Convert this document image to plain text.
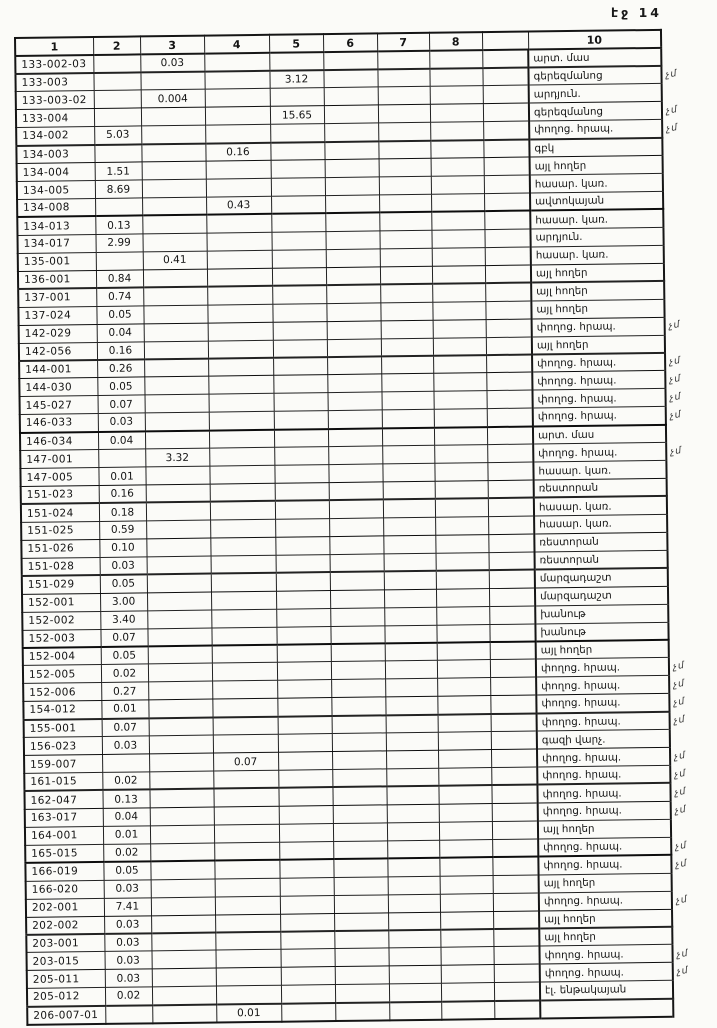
էջ 14
1	2	3	4	5	6	7	8		10
133-002-03		0.03							արտ. մաս
133-003				3.12					գերեզմանոց
133-003-02		0.004							արդյուն.
133-004				15.65					գերեզմանոց
134-002	5.03								փողոց. հրապ.
134-003			0.16						գբկ
134-004	1.51								այլ հողեր
134-005	8.69								հասար. կառ.
134-008			0.43						ավտոկայան
134-013	0.13								հասար. կառ.
134-017	2.99								արդյուն.
135-001		0.41							հասար. կառ.
136-001	0.84								այլ հողեր
137-001	0.74								այլ հողեր
137-024	0.05								այլ հողեր
142-029	0.04								փողոց. հրապ.
142-056	0.16								այլ հողեր
144-001	0.26								փողոց. հրապ.
144-030	0.05								փողոց. հրապ.
145-027	0.07								փողոց. հրապ.
146-033	0.03								փողոց. հրապ.
146-034	0.04								արտ. մաս
147-001		3.32							փողոց. հրապ.
147-005	0.01								հասար. կառ.
151-023	0.16								ռեստորան
151-024	0.18								հասար. կառ.
151-025	0.59								հասար. կառ.
151-026	0.10								ռեստորան
151-028	0.03								ռեստորան
151-029	0.05								մարզադաշտ
152-001	3.00								մարզադաշտ
152-002	3.40								խանութ
152-003	0.07								խանութ
152-004	0.05								այլ հողեր
152-005	0.02								փողոց. հրապ.
152-006	0.27								փողոց. հրապ.
154-012	0.01								փողոց. հրապ.
155-001	0.07								փողոց. հրապ.
156-023	0.03								գազի վարչ.
159-007			0.07						փողոց. հրապ.
161-015	0.02								փողոց. հրապ.
162-047	0.13								փողոց. հրապ.
163-017	0.04								փողոց. հրապ.
164-001	0.01								այլ հողեր
165-015	0.02								փողոց. հրապ.
166-019	0.05								փողոց. հրապ.
166-020	0.03								այլ հողեր
202-001	7.41								փողոց. հրապ.
202-002	0.03								այլ հողեր
203-001	0.03								այլ հողեր
203-015	0.03								փողոց. հրապ.
205-011	0.03								փողոց. հրապ.
205-012	0.02								էլ. ենթակայան
206-007-01			0.01						
չմ
չմ
չմ
չմ
չմ
չմ
չմ
չմ
չմ
չմ
չմ
չմ
չմ
չմ
չմ
չմ
չմ
չմ
չմ
չմ
չմ
չմ
